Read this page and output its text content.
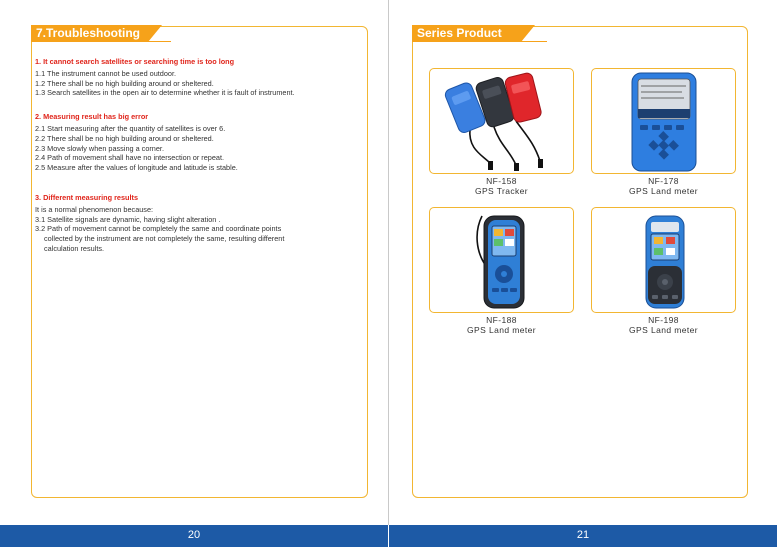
7.Troubleshooting
1. It cannot search satellites or searching time is too long
1.1 The instrument cannot be used outdoor.
1.2 There shall be no high building around or sheltered.
1.3 Search satellites in the open air to determine whether it is fault of instrument.
2. Measuring result has big error
2.1 Start measuring after the quantity of satellites is over 6.
2.2 There shall be no high building around or sheltered.
2.3 Move slowly when passing a corner.
2.4 Path of movement shall have no intersection or repeat.
2.5 Measure after the values of longitude and latitude is stable.
3. Different measuring results
It is a normal phenomenon because:
3.1 Satellite signals are dynamic, having slight alteration .
3.2 Path of movement cannot be completely the same and coordinate points
collected by the instrument are not completely the same, resulting different
calculation results.
20
Series Product
NF-158
GPS Tracker
NF-178
GPS Land meter
NF-188
GPS Land meter
NF-198
GPS Land meter
21
